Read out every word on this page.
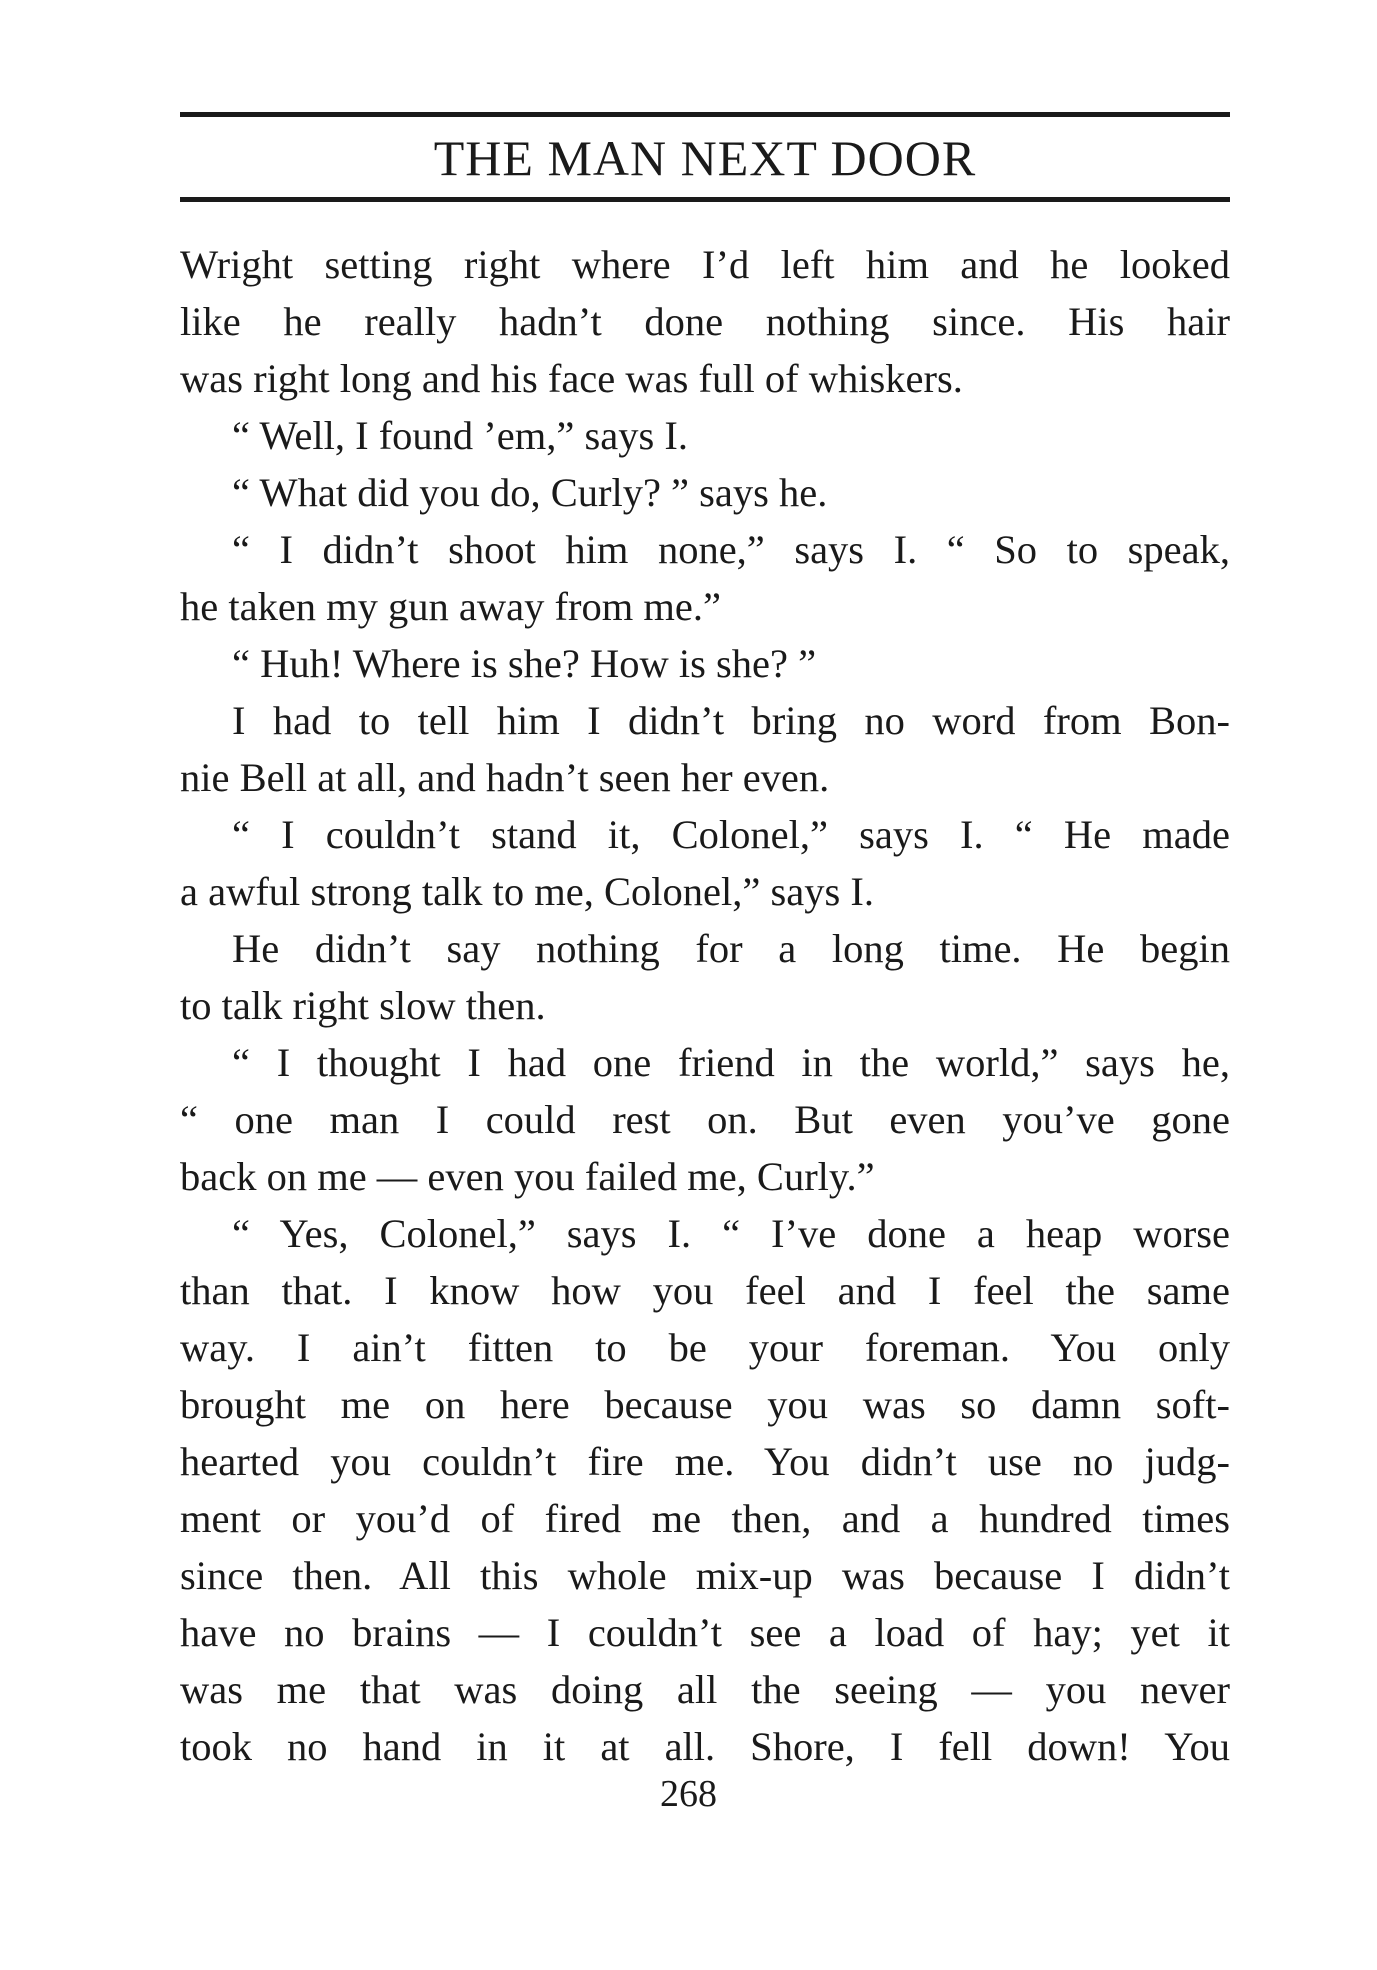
THE MAN NEXT DOOR
Wright setting right where I’d left him and he looked
like he really hadn’t done nothing since. His hair
was right long and his face was full of whiskers.
“ Well, I found ’em,” says I.
“ What did you do, Curly? ” says he.
“ I didn’t shoot him none,” says I. “ So to speak,
he taken my gun away from me.”
“ Huh! Where is she? How is she? ”
I had to tell him I didn’t bring no word from Bon-
nie Bell at all, and hadn’t seen her even.
“ I couldn’t stand it, Colonel,” says I. “ He made
a awful strong talk to me, Colonel,” says I.
He didn’t say nothing for a long time. He begin
to talk right slow then.
“ I thought I had one friend in the world,” says he,
“ one man I could rest on. But even you’ve gone
back on me — even you failed me, Curly.”
“ Yes, Colonel,” says I. “ I’ve done a heap worse
than that. I know how you feel and I feel the same
way. I ain’t fitten to be your foreman. You only
brought me on here because you was so damn soft-
hearted you couldn’t fire me. You didn’t use no judg-
ment or you’d of fired me then, and a hundred times
since then. All this whole mix-up was because I didn’t
have no brains — I couldn’t see a load of hay; yet it
was me that was doing all the seeing — you never
took no hand in it at all. Shore, I fell down! You
268
